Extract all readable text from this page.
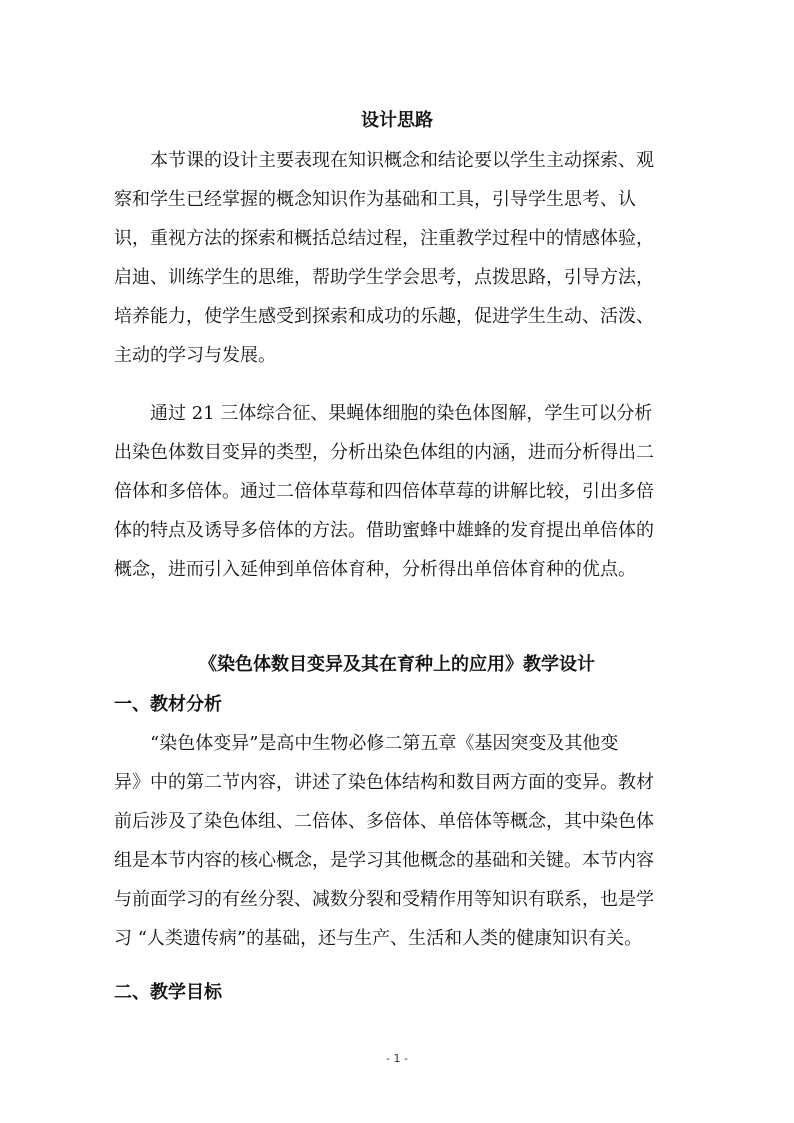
设计思路
本节课的设计主要表现在知识概念和结论要以学生主动探索、观
察和学生已经掌握的概念知识作为基础和工具，引导学生思考、认
识，重视方法的探索和概括总结过程，注重教学过程中的情感体验，
启迪、训练学生的思维，帮助学生学会思考，点拨思路，引导方法，
培养能力，使学生感受到探索和成功的乐趣，促进学生生动、活泼、
主动的学习与发展。
通过 21 三体综合征、果蝇体细胞的染色体图解，学生可以分析
出染色体数目变异的类型，分析出染色体组的内涵，进而分析得出二
倍体和多倍体。通过二倍体草莓和四倍体草莓的讲解比较，引出多倍
体的特点及诱导多倍体的方法。借助蜜蜂中雄蜂的发育提出单倍体的
概念，进而引入延伸到单倍体育种，分析得出单倍体育种的优点。
《染色体数目变异及其在育种上的应用》教学设计
一、教材分析
“染色体变异”是高中生物必修二第五章《基因突变及其他变
异》中的第二节内容，讲述了染色体结构和数目两方面的变异。教材
前后涉及了染色体组、二倍体、多倍体、单倍体等概念，其中染色体
组是本节内容的核心概念，是学习其他概念的基础和关键。本节内容
与前面学习的有丝分裂、减数分裂和受精作用等知识有联系，也是学
习 “人类遗传病”的基础，还与生产、生活和人类的健康知识有关。
二、教学目标
- 1 -
